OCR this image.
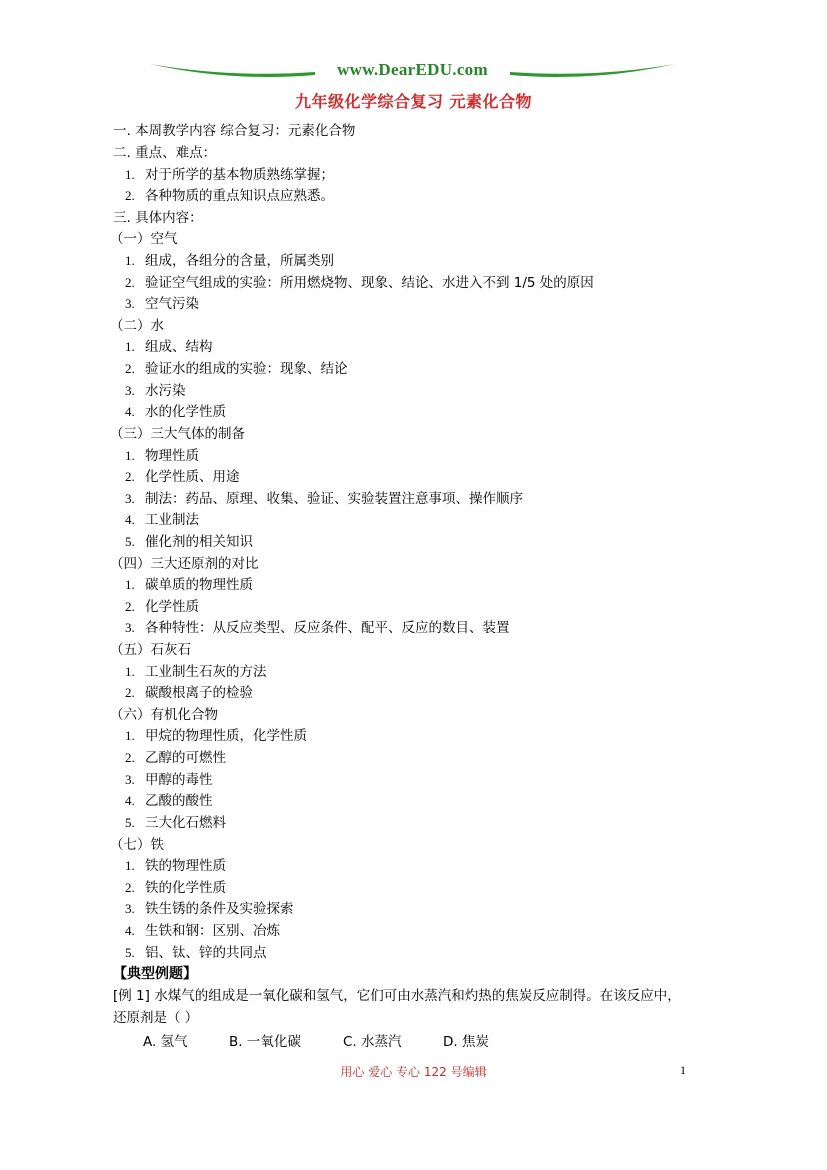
www.DearEDU.com
九年级化学综合复习 元素化合物
一. 本周教学内容 综合复习：元素化合物
二. 重点、难点：
1. 对于所学的基本物质熟练掌握；
2. 各种物质的重点知识点应熟悉。
三. 具体内容：
（一）空气
1. 组成，各组分的含量，所属类别
2. 验证空气组成的实验：所用燃烧物、现象、结论、水进入不到 1/5 处的原因
3. 空气污染
（二）水
1. 组成、结构
2. 验证水的组成的实验：现象、结论
3. 水污染
4. 水的化学性质
（三）三大气体的制备
1. 物理性质
2. 化学性质、用途
3. 制法：药品、原理、收集、验证、实验装置注意事项、操作顺序
4. 工业制法
5. 催化剂的相关知识
（四）三大还原剂的对比
1. 碳单质的物理性质
2. 化学性质
3. 各种特性：从反应类型、反应条件、配平、反应的数目、装置
（五）石灰石
1. 工业制生石灰的方法
2. 碳酸根离子的检验
（六）有机化合物
1. 甲烷的物理性质，化学性质
2. 乙醇的可燃性
3. 甲醇的毒性
4. 乙酸的酸性
5. 三大化石燃料
（七）铁
1. 铁的物理性质
2. 铁的化学性质
3. 铁生锈的条件及实验探索
4. 生铁和钢：区别、冶炼
5. 铝、钛、锌的共同点
【典型例题】
[例 1] 水煤气的组成是一氧化碳和氢气，它们可由水蒸汽和灼热的焦炭反应制得。在该反应中，
还原剂是（ ）
A. 氢气	B. 一氧化碳	C. 水蒸汽	D. 焦炭
用心 爱心 专心 122 号编辑	1
